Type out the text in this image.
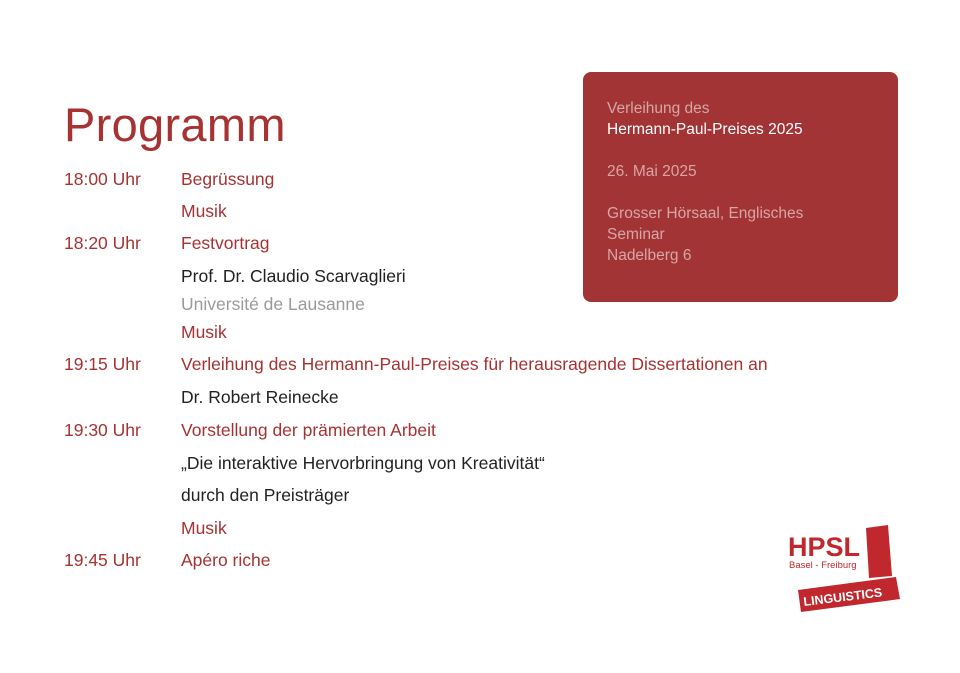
Programm
18:00 Uhr Begrüssung
Musik
18:20 Uhr Festvortrag
Prof. Dr. Claudio Scarvaglieri
Université de Lausanne
Musik
19:15 Uhr Verleihung des Hermann-Paul-Preises für herausragende Dissertationen an
Dr. Robert Reinecke
19:30 Uhr Vorstellung der prämierten Arbeit
„Die interaktive Hervorbringung von Kreativität“
durch den Preisträger
Musik
19:45 Uhr Apéro riche
Verleihung des
Hermann-Paul-Preises 2025
26. Mai 2025
Grosser Hörsaal, Englisches
Seminar
Nadelberg 6
HPSL
Basel - Freiburg
LINGUISTICS
